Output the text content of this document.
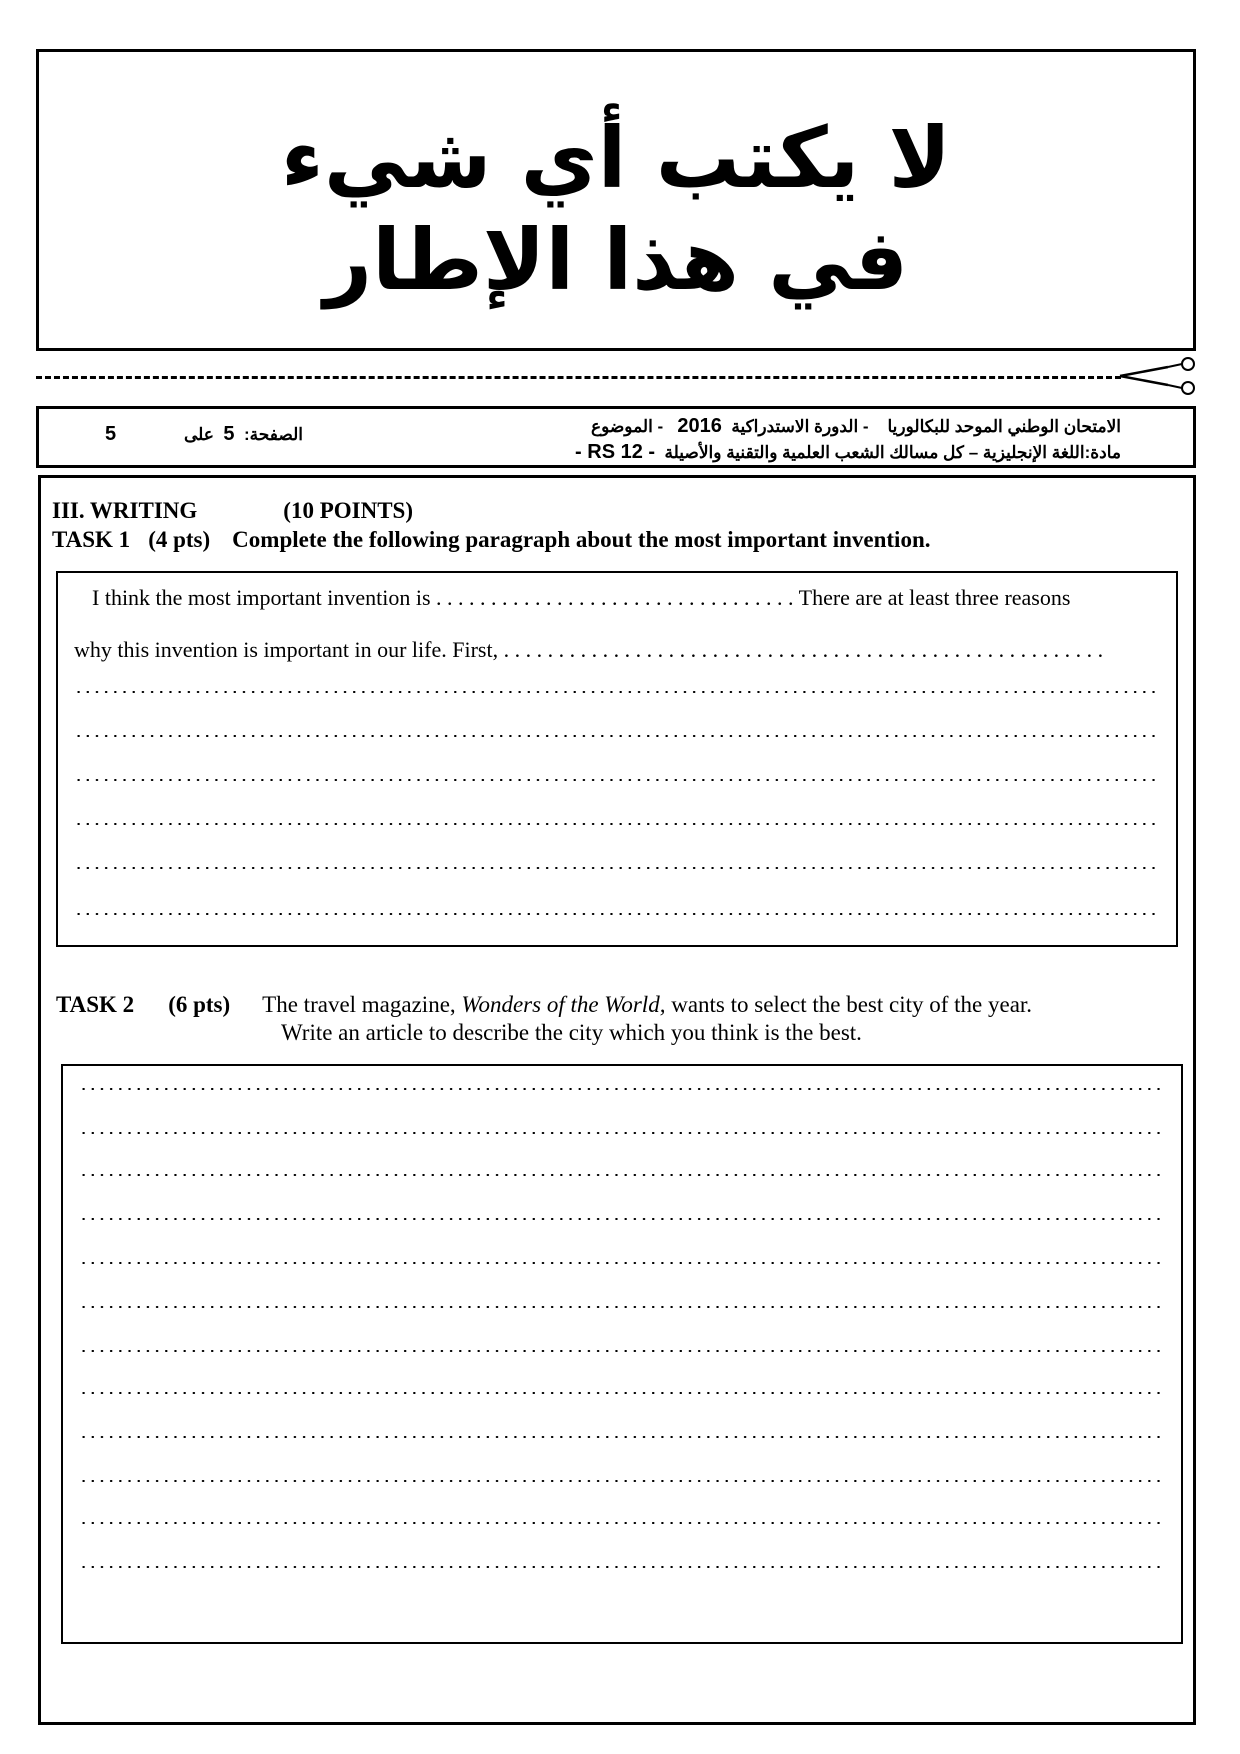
لا يكتب أي شيء
في هذا الإطار
الامتحان الوطني الموحد للبكالوريا    - الدورة الاستدراكية  2016   - الموضوع
مادة:اللغة الإنجليزية – كل مسالك الشعب العلمية والتقنية والأصيلة  - RS 12 -
الصفحة:  5  على
5
III. WRITING	(10 POINTS)
TASK 1 (4 pts) Complete the following paragraph about the most important invention.
I think the most important invention is . . . . . . . . . . . . . . . . . . . . . . . . . . . . . . . . . There are at least three reasons
why this invention is important in our life. First, . . . . . . . . . . . . . . . . . . . . . . . . . . . . . . . . . . . . . . . . . . . . . . . . . . . . . . .
TASK 2 (6 pts) The travel magazine, Wonders of the World, wants to select the best city of the year.
Write an article to describe the city which you think is the best.
